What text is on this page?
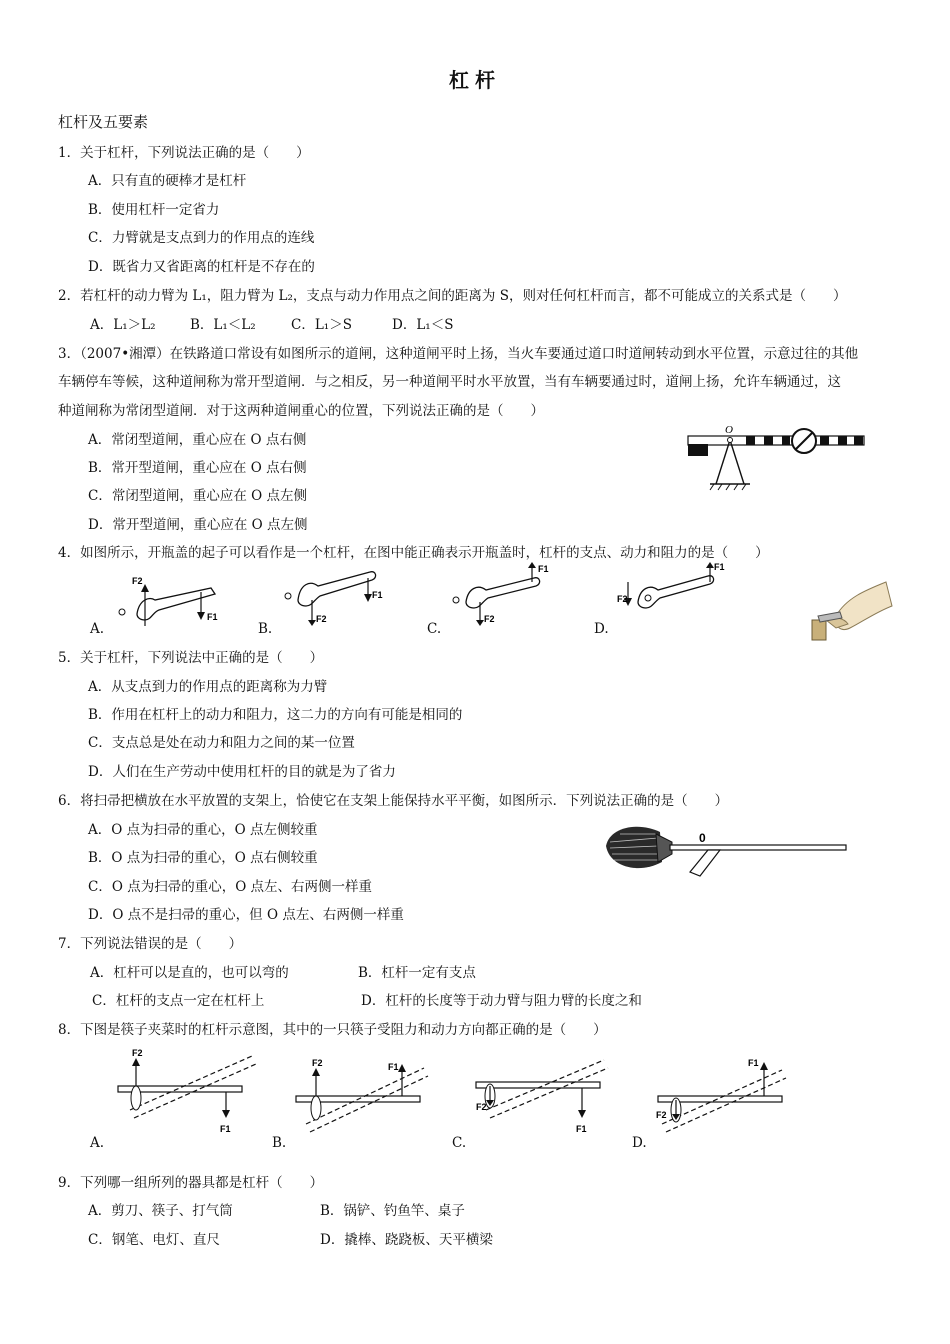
杠杆
杠杆及五要素
1．关于杠杆，下列说法正确的是（　　）
A．只有直的硬棒才是杠杆
B．使用杠杆一定省力
C．力臂就是支点到力的作用点的连线
D．既省力又省距离的杠杆是不存在的
2．若杠杆的动力臂为 L₁，阻力臂为 L₂，支点与动力作用点之间的距离为 S，则对任何杠杆而言，都不可能成立的关系式是（　　）
A．L₁＞L₂	B．L₁＜L₂	C．L₁＞S	D．L₁＜S
3．（2007•湘潭）在铁路道口常设有如图所示的道闸，这种道闸平时上扬，当火车要通过道口时道闸转动到水平位置，示意过往的其他
车辆停车等候，这种道闸称为常开型道闸．与之相反，另一种道闸平时水平放置，当有车辆要通过时，道闸上扬，允许车辆通过，这
种道闸称为常闭型道闸．对于这两种道闸重心的位置，下列说法正确的是（　　）
A．常闭型道闸，重心应在 O 点右侧
B．常开型道闸，重心应在 O 点右侧
C．常闭型道闸，重心应在 O 点左侧
D．常开型道闸，重心应在 O 点左侧
O
4．如图所示，开瓶盖的起子可以看作是一个杠杆，在图中能正确表示开瓶盖时，杠杆的支点、动力和阻力的是（　　）
F2
F1
A.
F2
F1
B.
F2
F1
C.
F2
F1
D.
5．关于杠杆，下列说法中正确的是（　　）
A．从支点到力的作用点的距离称为力臂
B．作用在杠杆上的动力和阻力，这二力的方向有可能是相同的
C．支点总是处在动力和阻力之间的某一位置
D．人们在生产劳动中使用杠杆的目的就是为了省力
6．将扫帚把横放在水平放置的支架上，恰使它在支架上能保持水平平衡，如图所示．下列说法正确的是（　　）
A．O 点为扫帚的重心，O 点左侧较重
B．O 点为扫帚的重心，O 点右侧较重
C．O 点为扫帚的重心，O 点左、右两侧一样重
D．O 点不是扫帚的重心，但 O 点左、右两侧一样重
0
7．下列说法错误的是（　　）
A．杠杆可以是直的，也可以弯的	B．杠杆一定有支点
C．杠杆的支点一定在杠杆上	D．杠杆的长度等于动力臂与阻力臂的长度之和
8．下图是筷子夹菜时的杠杆示意图，其中的一只筷子受阻力和动力方向都正确的是（　　）
F2
F1
A.
F2	F1
B.
F2
F1
C.
F2
F1
D.
9．下列哪一组所列的器具都是杠杆（　　）
A．剪刀、筷子、打气筒	B．锅铲、钓鱼竿、桌子
C．钢笔、电灯、直尺	D．撬棒、跷跷板、天平横梁
